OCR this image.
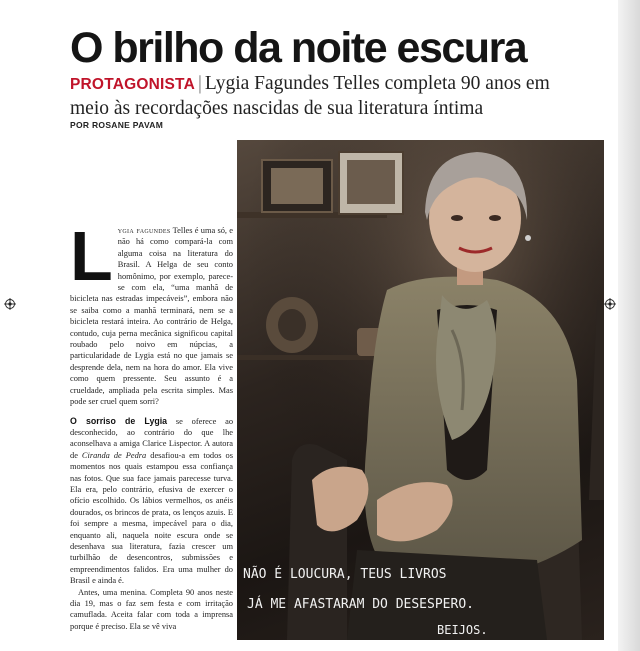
O brilho da noite escura
PROTAGONISTA | Lygia Fagundes Telles completa 90 anos em meio às recordações nascidas de sua literatura íntima
POR ROSANE PAVAM

Lygia fagundes Telles é uma só, e não há como compará-la com alguma coisa na literatura do Brasil. A Helga de seu conto homônimo, por exemplo, parece-se com ela, “uma manhã de bicicleta nas estradas impecáveis”, embora não se saiba como a manhã terminará, nem se a bicicleta restará inteira. Ao contrário de Helga, contudo, cuja perna mecânica significou capital roubado pelo noivo em núpcias, a particularidade de Lygia está no que jamais se desprende dela, nem na hora do amor. Ela vive como quem pressente. Seu assunto é a crueldade, ampliada pela escrita simples. Mas pode ser cruel quem sorri?

O sorriso de Lygia se oferece ao desconhecido, ao contrário do que lhe aconselhava a amiga Clarice Lispector. A autora de Ciranda de Pedra desafiou-a em todos os momentos nos quais estampou essa confiança nas fotos. Que sua face jamais parecesse turva. Ela era, pelo contrário, efusiva de exercer o ofício escolhido. Os lábios vermelhos, os anéis dourados, os brincos de prata, os lenços azuis. E foi sempre a mesma, impecável para o dia, enquanto ali, naquela noite escura onde se desenhava sua literatura, fazia crescer um turbilhão de desencontros, submissões e empreendimentos falidos. Era uma mulher do Brasil e ainda é.

Antes, uma menina. Completa 90 anos neste dia 19, mas o faz sem festa e com irritação camuflada. Aceita falar com toda a imprensa porque é preciso. Ela se vê viva

NÃO É LOUCURA, TEUS LIVROS
JÁ ME AFASTARAM DO DESESPERO.
BEIJOS.
